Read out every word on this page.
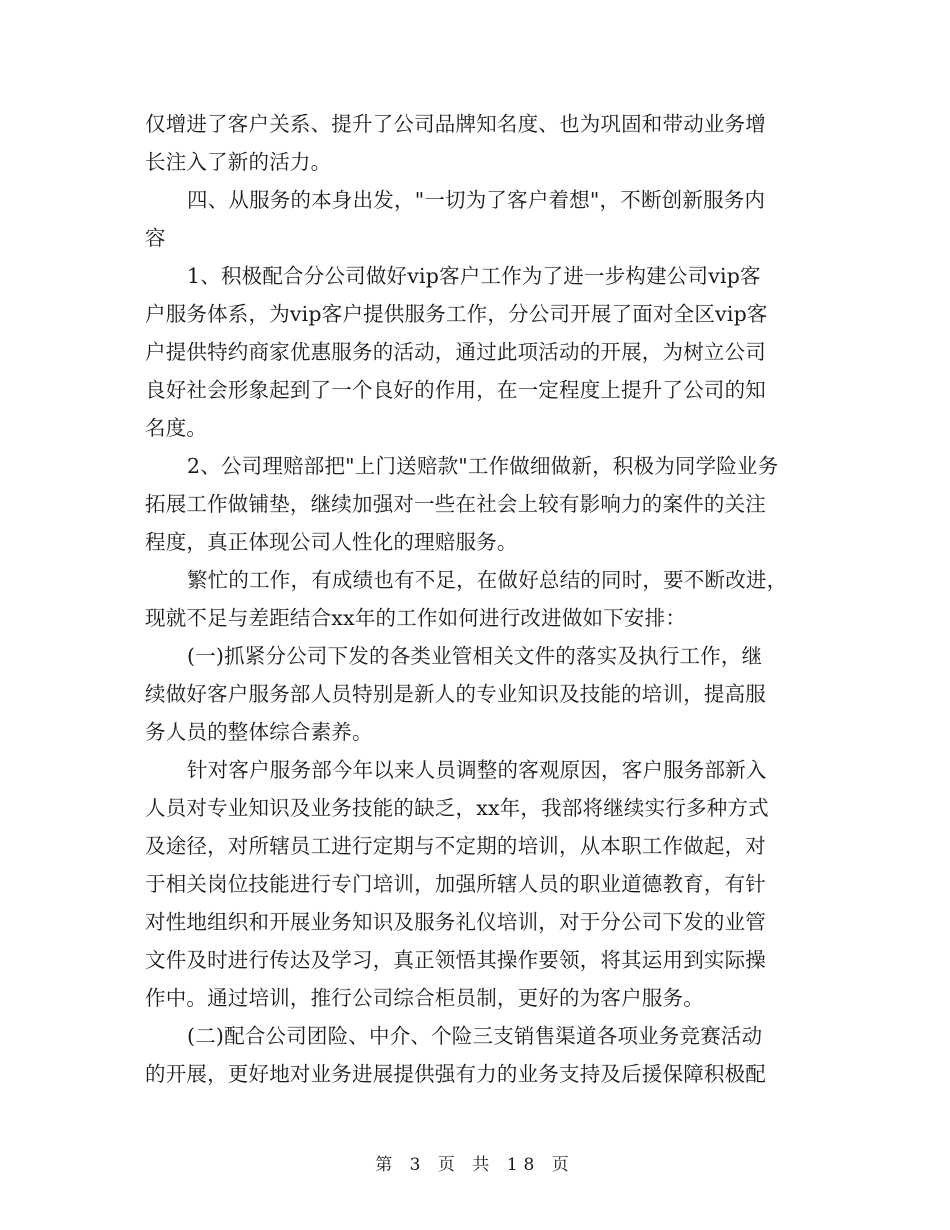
仅增进了客户关系、提升了公司品牌知名度、也为巩固和带动业务增
长注入了新的活力。
四、从服务的本身出发，"一切为了客户着想"，不断创新服务内
容
1、积极配合分公司做好vip客户工作为了进一步构建公司vip客
户服务体系，为vip客户提供服务工作，分公司开展了面对全区vip客
户提供特约商家优惠服务的活动，通过此项活动的开展，为树立公司
良好社会形象起到了一个良好的作用，在一定程度上提升了公司的知
名度。
2、公司理赔部把"上门送赔款"工作做细做新，积极为同学险业务
拓展工作做铺垫，继续加强对一些在社会上较有影响力的案件的关注
程度，真正体现公司人性化的理赔服务。
繁忙的工作，有成绩也有不足，在做好总结的同时，要不断改进，
现就不足与差距结合xx年的工作如何进行改进做如下安排：
(一)抓紧分公司下发的各类业管相关文件的落实及执行工作，继
续做好客户服务部人员特别是新人的专业知识及技能的培训，提高服
务人员的整体综合素养。
针对客户服务部今年以来人员调整的客观原因，客户服务部新入
人员对专业知识及业务技能的缺乏，xx年，我部将继续实行多种方式
及途径，对所辖员工进行定期与不定期的培训，从本职工作做起，对
于相关岗位技能进行专门培训，加强所辖人员的职业道德教育，有针
对性地组织和开展业务知识及服务礼仪培训，对于分公司下发的业管
文件及时进行传达及学习，真正领悟其操作要领，将其运用到实际操
作中。通过培训，推行公司综合柜员制，更好的为客户服务。
(二)配合公司团险、中介、个险三支销售渠道各项业务竞赛活动
的开展，更好地对业务进展提供强有力的业务支持及后援保障积极配
第 3 页 共 18 页
